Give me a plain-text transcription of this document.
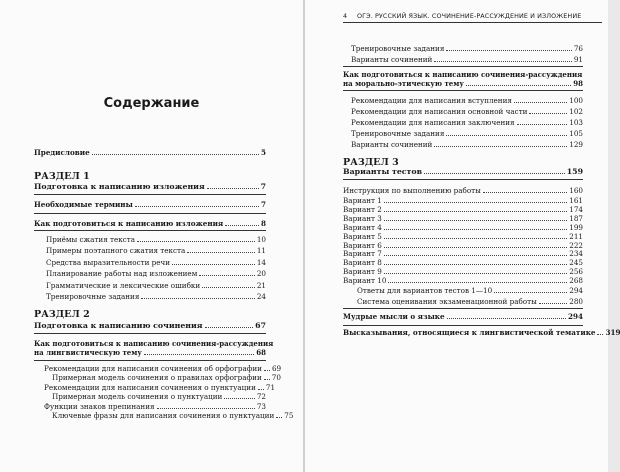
Содержание
Предисловие	5
РАЗДЕЛ 1
Подготовка к написанию изложения	7
Необходимые термины	7
Как подготовиться к написанию изложения	8
Приёмы сжатия текста	10
Примеры поэтапного сжатия текста	11
Средства выразительности речи	14
Планирование работы над изложением	20
Грамматические и лексические ошибки	21
Тренировочные задания	24
РАЗДЕЛ 2
Подготовка к написанию сочинения	67
Как подготовиться к написанию сочинения-рассуждения
на лингвистическую тему	68
Рекомендации для написания сочинения об орфографии 69
Примерная модель сочинения о правилах орфографии 70
Рекомендации для написания сочинения о пунктуации 71
Примерная модель сочинения о пунктуации	72
Функции знаков препинания	73
Ключевые фразы для написания сочинения о пунктуации 75
4 ОГЭ. РУССКИЙ ЯЗЫК. СОЧИНЕНИЕ-РАССУЖДЕНИЕ И ИЗЛОЖЕНИЕ
Тренировочные задания	76
Варианты сочинений	91
Как подготовиться к написанию сочинения-рассуждения
на морально-этическую тему	98
Рекомендации для написания вступления	100
Рекомендации для написания основной части	102
Рекомендации для написания заключения	103
Тренировочные задания	105
Варианты сочинений	129
РАЗДЕЛ 3
Варианты тестов	159
Инструкция по выполнению работы	160
Вариант 1	161
Вариант 2	174
Вариант 3	187
Вариант 4	199
Вариант 5	211
Вариант 6	222
Вариант 7	234
Вариант 8	245
Вариант 9	256
Вариант 10	268
Ответы для вариантов тестов 1—10	294
Система оценивания экзаменационной работы	280
Мудрые мысли о языке	294
Высказывания, относящиеся к лингвистической тематике 319
